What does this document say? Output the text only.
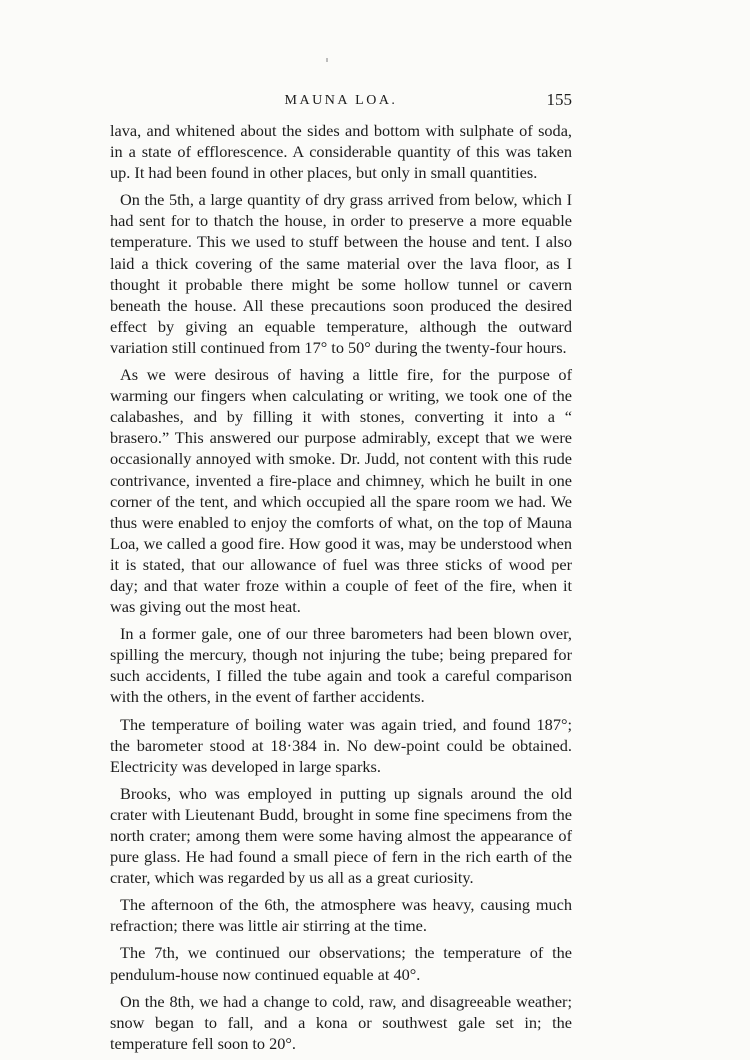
MAUNA LOA.	155

lava, and whitened about the sides and bottom with sulphate of soda, in a state of efflorescence. A considerable quantity of this was taken up. It had been found in other places, but only in small quantities.

On the 5th, a large quantity of dry grass arrived from below, which I had sent for to thatch the house, in order to preserve a more equable temperature. This we used to stuff between the house and tent. I also laid a thick covering of the same material over the lava floor, as I thought it probable there might be some hollow tunnel or cavern beneath the house. All these precautions soon produced the desired effect by giving an equable temperature, although the outward variation still continued from 17° to 50° during the twenty-four hours.

As we were desirous of having a little fire, for the purpose of warming our fingers when calculating or writing, we took one of the calabashes, and by filling it with stones, converting it into a “ brasero.” This answered our purpose admirably, except that we were occasionally annoyed with smoke. Dr. Judd, not content with this rude contrivance, invented a fire-place and chimney, which he built in one corner of the tent, and which occupied all the spare room we had. We thus were enabled to enjoy the comforts of what, on the top of Mauna Loa, we called a good fire. How good it was, may be understood when it is stated, that our allowance of fuel was three sticks of wood per day; and that water froze within a couple of feet of the fire, when it was giving out the most heat.

In a former gale, one of our three barometers had been blown over, spilling the mercury, though not injuring the tube; being prepared for such accidents, I filled the tube again and took a careful comparison with the others, in the event of farther accidents.

The temperature of boiling water was again tried, and found 187°; the barometer stood at 18·384 in. No dew-point could be obtained. Electricity was developed in large sparks.

Brooks, who was employed in putting up signals around the old crater with Lieutenant Budd, brought in some fine specimens from the north crater; among them were some having almost the appearance of pure glass. He had found a small piece of fern in the rich earth of the crater, which was regarded by us all as a great curiosity.

The afternoon of the 6th, the atmosphere was heavy, causing much refraction; there was little air stirring at the time.

The 7th, we continued our observations; the temperature of the pendulum-house now continued equable at 40°.

On the 8th, we had a change to cold, raw, and disagreeable weather; snow began to fall, and a kona or southwest gale set in; the temperature fell soon to 20°.
